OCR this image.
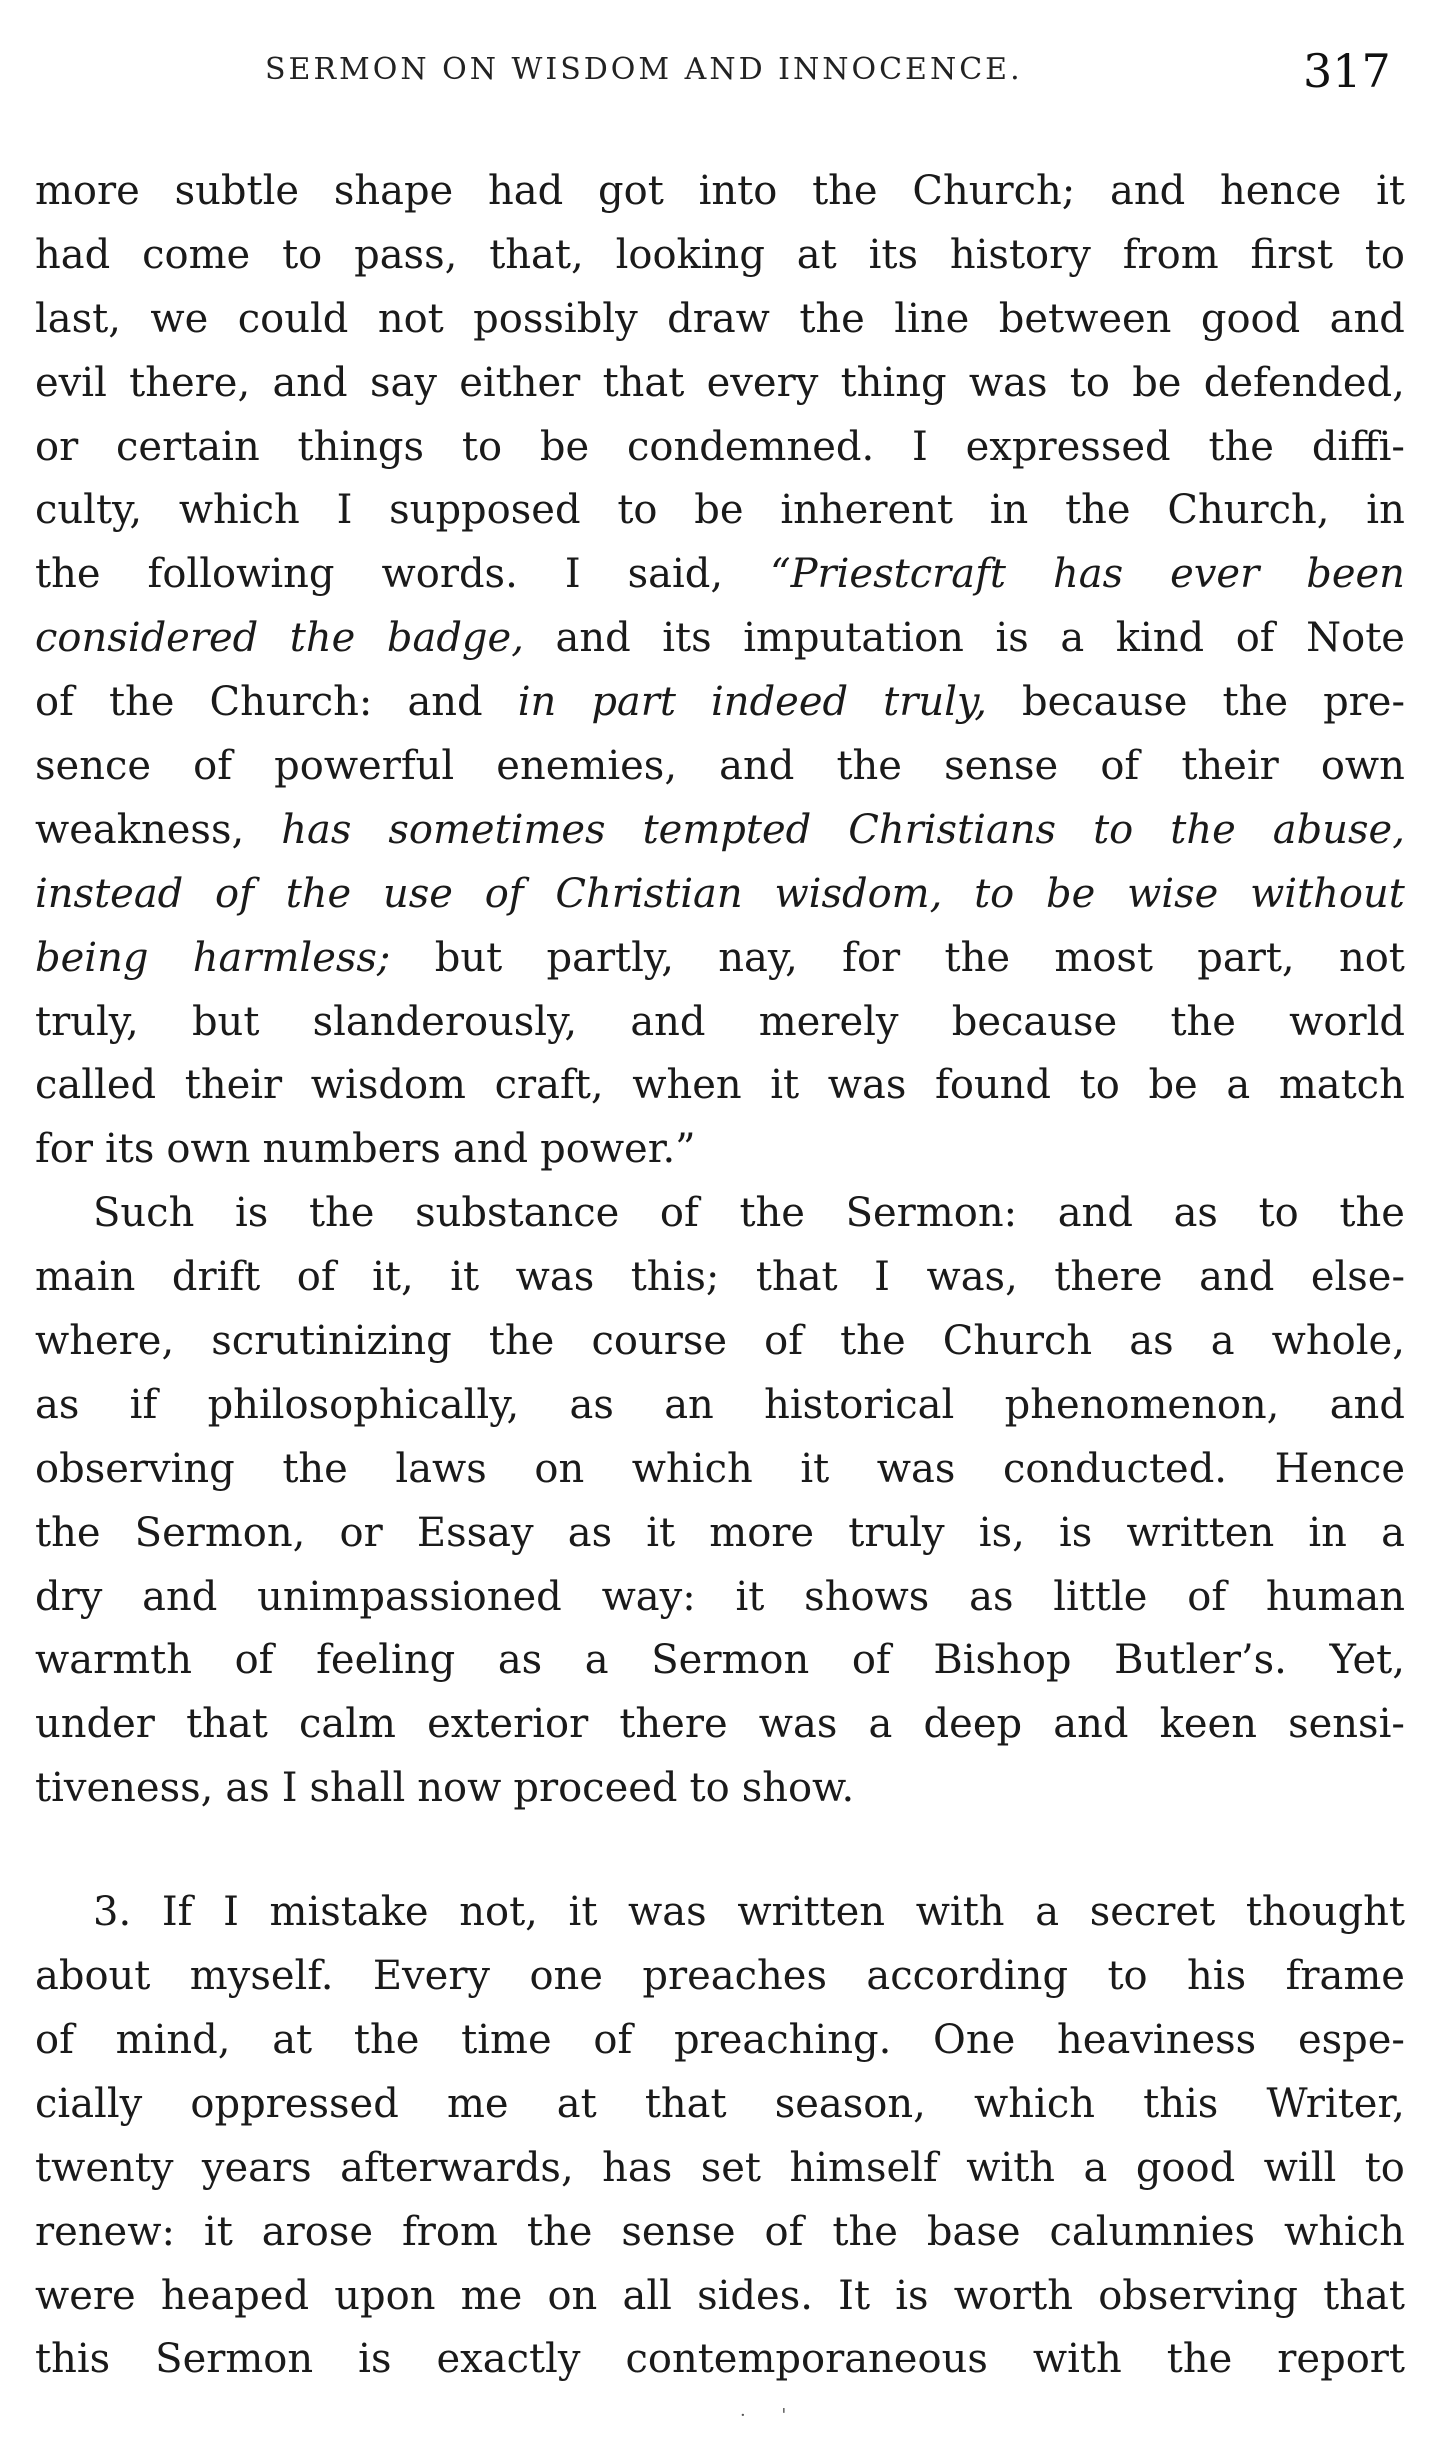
SERMON ON WISDOM AND INNOCENCE.	317
more subtle shape had got into the Church; and hence it
had come to pass, that, looking at its history from first to
last, we could not possibly draw the line between good and
evil there, and say either that every thing was to be defended,
or certain things to be condemned. I expressed the diffi-
culty, which I supposed to be inherent in the Church, in
the following words. I said, “Priestcraft has ever been
considered the badge, and its imputation is a kind of Note
of the Church: and in part indeed truly, because the pre-
sence of powerful enemies, and the sense of their own
weakness, has sometimes tempted Christians to the abuse,
instead of the use of Christian wisdom, to be wise without
being harmless; but partly, nay, for the most part, not
truly, but slanderously, and merely because the world
called their wisdom craft, when it was found to be a match
for its own numbers and power.”
Such is the substance of the Sermon: and as to the
main drift of it, it was this; that I was, there and else-
where, scrutinizing the course of the Church as a whole,
as if philosophically, as an historical phenomenon, and
observing the laws on which it was conducted. Hence
the Sermon, or Essay as it more truly is, is written in a
dry and unimpassioned way: it shows as little of human
warmth of feeling as a Sermon of Bishop Butler’s. Yet,
under that calm exterior there was a deep and keen sensi-
tiveness, as I shall now proceed to show.
3. If I mistake not, it was written with a secret thought
about myself. Every one preaches according to his frame
of mind, at the time of preaching. One heaviness espe-
cially oppressed me at that season, which this Writer,
twenty years afterwards, has set himself with a good will to
renew: it arose from the sense of the base calumnies which
were heaped upon me on all sides. It is worth observing that
this Sermon is exactly contemporaneous with the report
· '
